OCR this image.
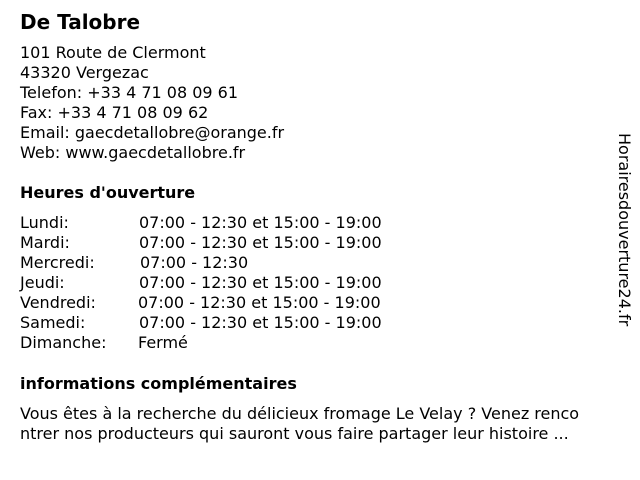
De Talobre
101 Route de Clermont
43320 Vergezac
Telefon: +33 4 71 08 09 61
Fax: +33 4 71 08 09 62
Email: gaecdetallobre@orange.fr
Web: www.gaecdetallobre.fr
Heures d'ouverture
Lundi:	07:00 - 12:30 et 15:00 - 19:00
Mardi:	07:00 - 12:30 et 15:00 - 19:00
Mercredi:	07:00 - 12:30
Jeudi:	07:00 - 12:30 et 15:00 - 19:00
Vendredi:	07:00 - 12:30 et 15:00 - 19:00
Samedi:	07:00 - 12:30 et 15:00 - 19:00
Dimanche:	Fermé
informations complémentaires
Vous êtes à la recherche du délicieux fromage Le Velay ? Venez renco
ntrer nos producteurs qui sauront vous faire partager leur histoire ...
Horairesdouverture24.fr
